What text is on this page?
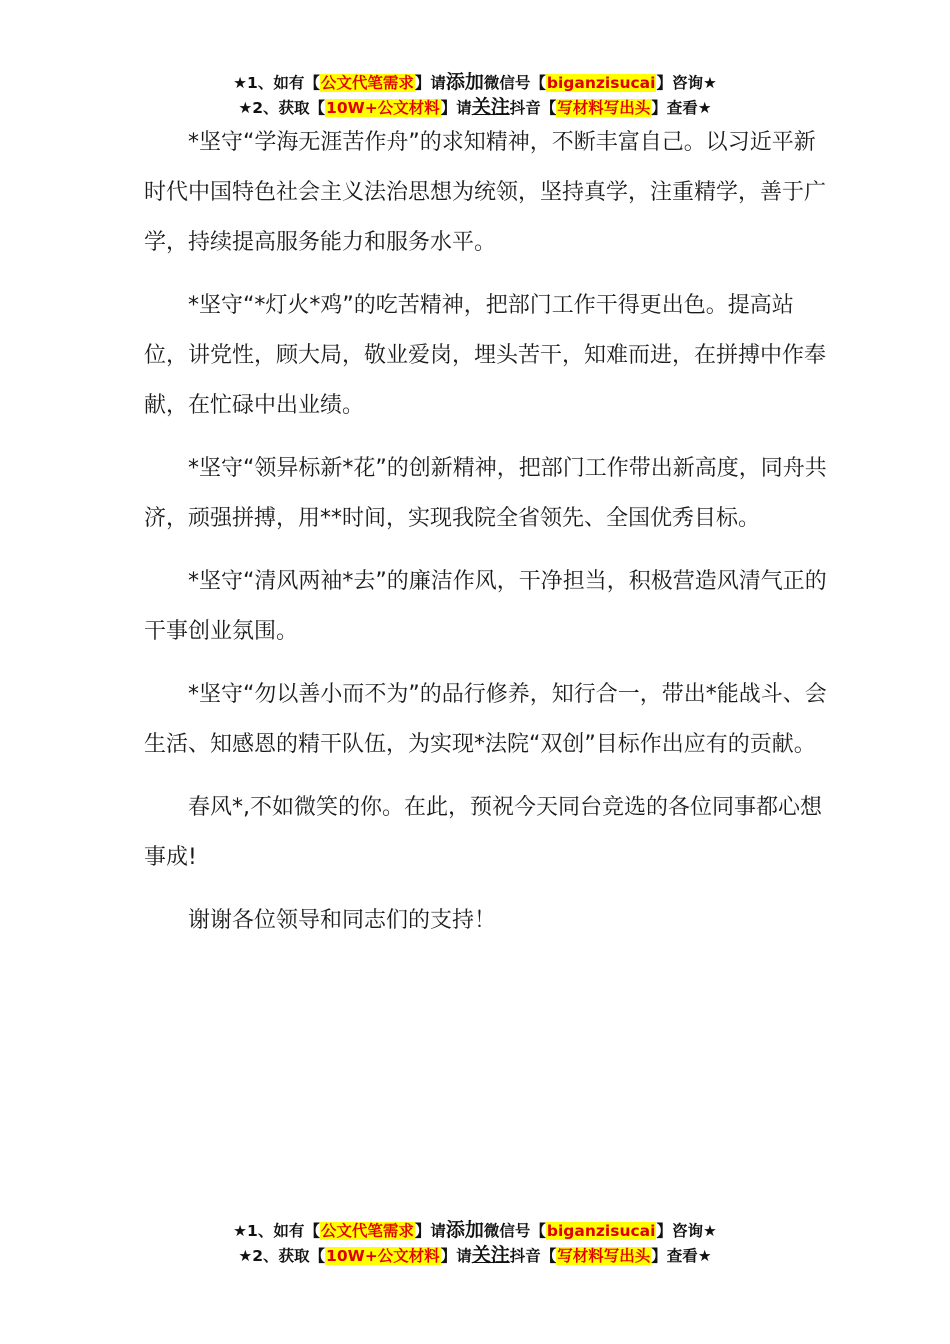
★1、如有【公文代笔需求】请添加微信号【biganzisucai】咨询★
★2、获取【10W+公文材料】请关注抖音【写材料写出头】查看★

*坚守“学海无涯苦作舟”的求知精神，不断丰富自己。以习近平新时代中国特色社会主义法治思想为统领，坚持真学，注重精学，善于广学，持续提高服务能力和服务水平。

*坚守“*灯火*鸡”的吃苦精神，把部门工作干得更出色。提高站位，讲党性，顾大局，敬业爱岗，埋头苦干，知难而进，在拼搏中作奉献，在忙碌中出业绩。

*坚守“领异标新*花”的创新精神，把部门工作带出新高度，同舟共济，顽强拼搏，用**时间，实现我院全省领先、全国优秀目标。

*坚守“清风两袖*去”的廉洁作风，干净担当，积极营造风清气正的干事创业氛围。

*坚守“勿以善小而不为”的品行修养，知行合一，带出*能战斗、会生活、知感恩的精干队伍，为实现*法院“双创”目标作出应有的贡献。

春风*,不如微笑的你。在此，预祝今天同台竞选的各位同事都心想事成!

谢谢各位领导和同志们的支持！

★1、如有【公文代笔需求】请添加微信号【biganzisucai】咨询★
★2、获取【10W+公文材料】请关注抖音【写材料写出头】查看★
